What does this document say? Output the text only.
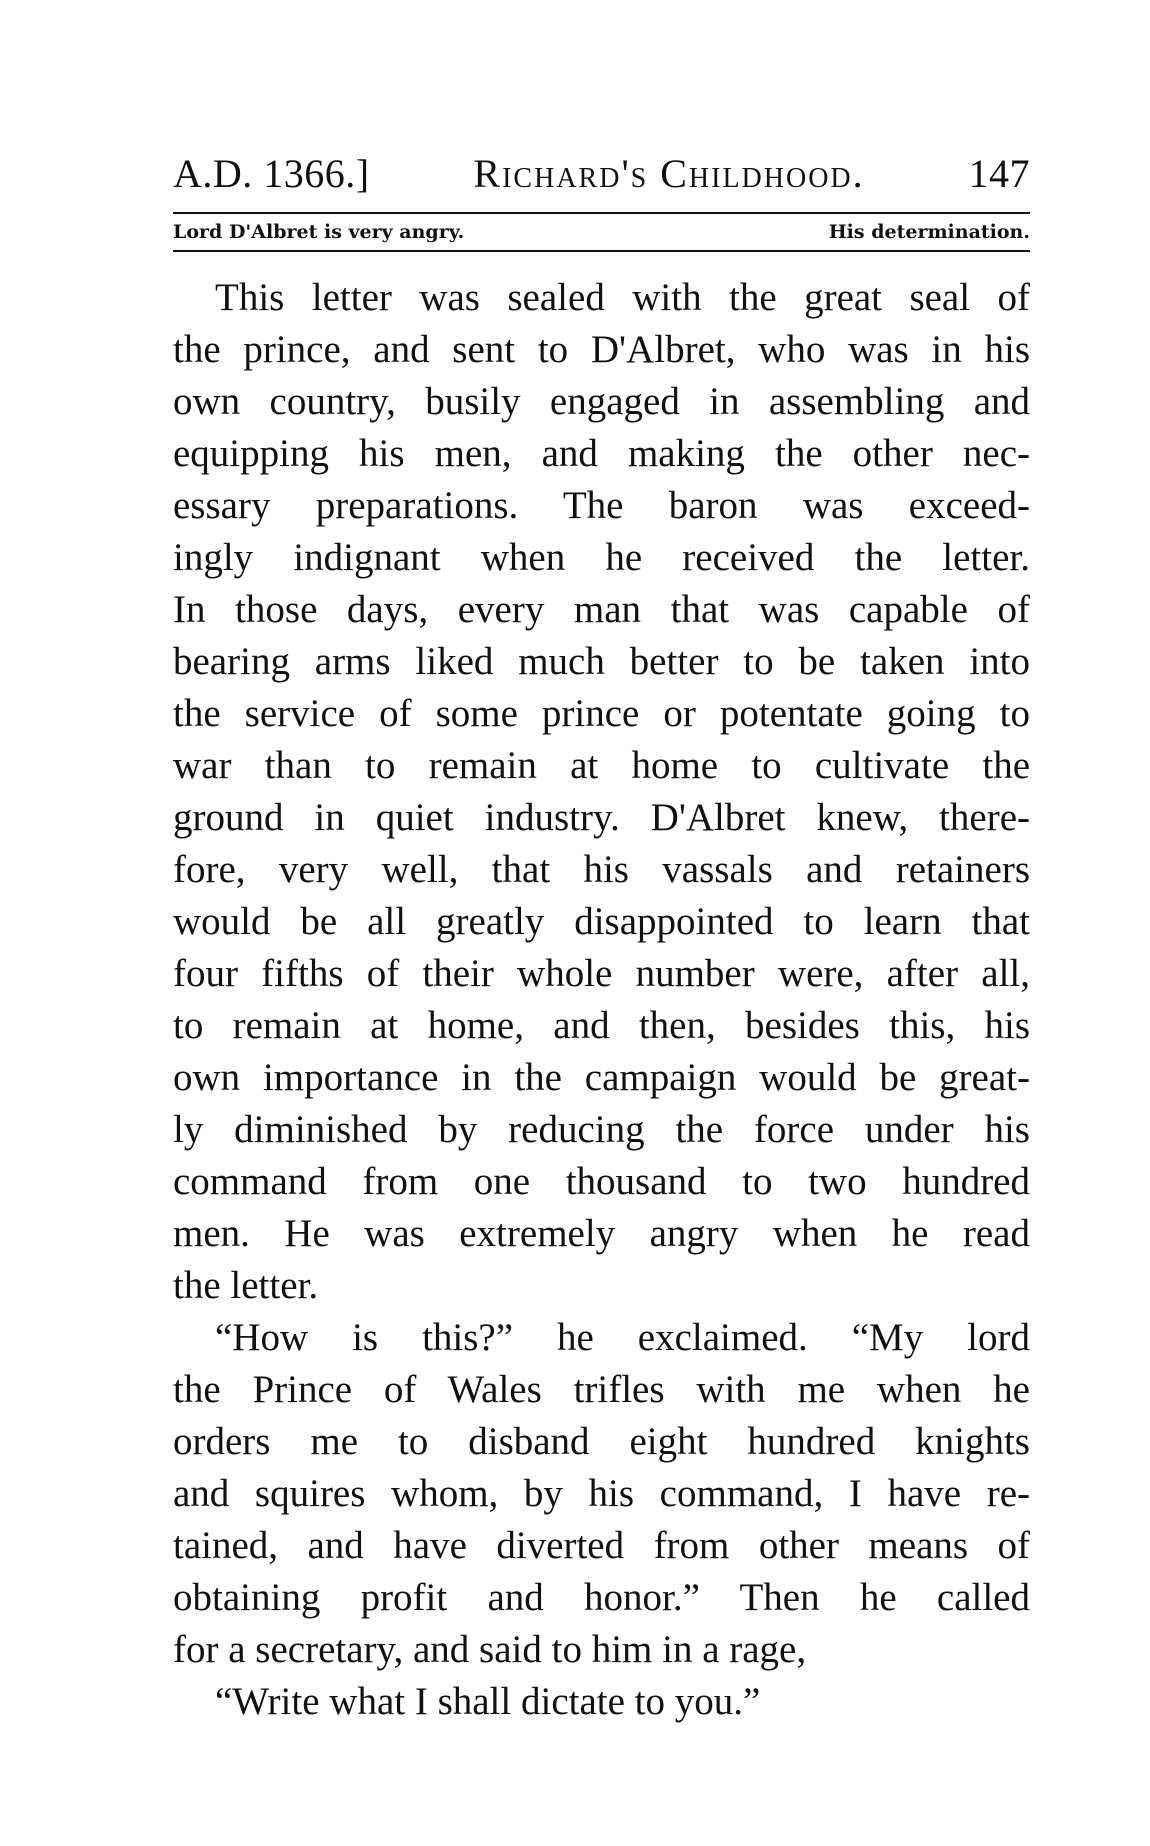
A.D. 1366.]	Richard's Childhood.	147
Lord D'Albret is very angry.	His determination.
This letter was sealed with the great seal of
the prince, and sent to D'Albret, who was in his
own country, busily engaged in assembling and
equipping his men, and making the other nec-
essary preparations. The baron was exceed-
ingly indignant when he received the letter.
In those days, every man that was capable of
bearing arms liked much better to be taken into
the service of some prince or potentate going to
war than to remain at home to cultivate the
ground in quiet industry. D'Albret knew, there-
fore, very well, that his vassals and retainers
would be all greatly disappointed to learn that
four fifths of their whole number were, after all,
to remain at home, and then, besides this, his
own importance in the campaign would be great-
ly diminished by reducing the force under his
command from one thousand to two hundred
men. He was extremely angry when he read
the letter.
“How is this?” he exclaimed. “My lord
the Prince of Wales trifles with me when he
orders me to disband eight hundred knights
and squires whom, by his command, I have re-
tained, and have diverted from other means of
obtaining profit and honor.” Then he called
for a secretary, and said to him in a rage,
“Write what I shall dictate to you.”
